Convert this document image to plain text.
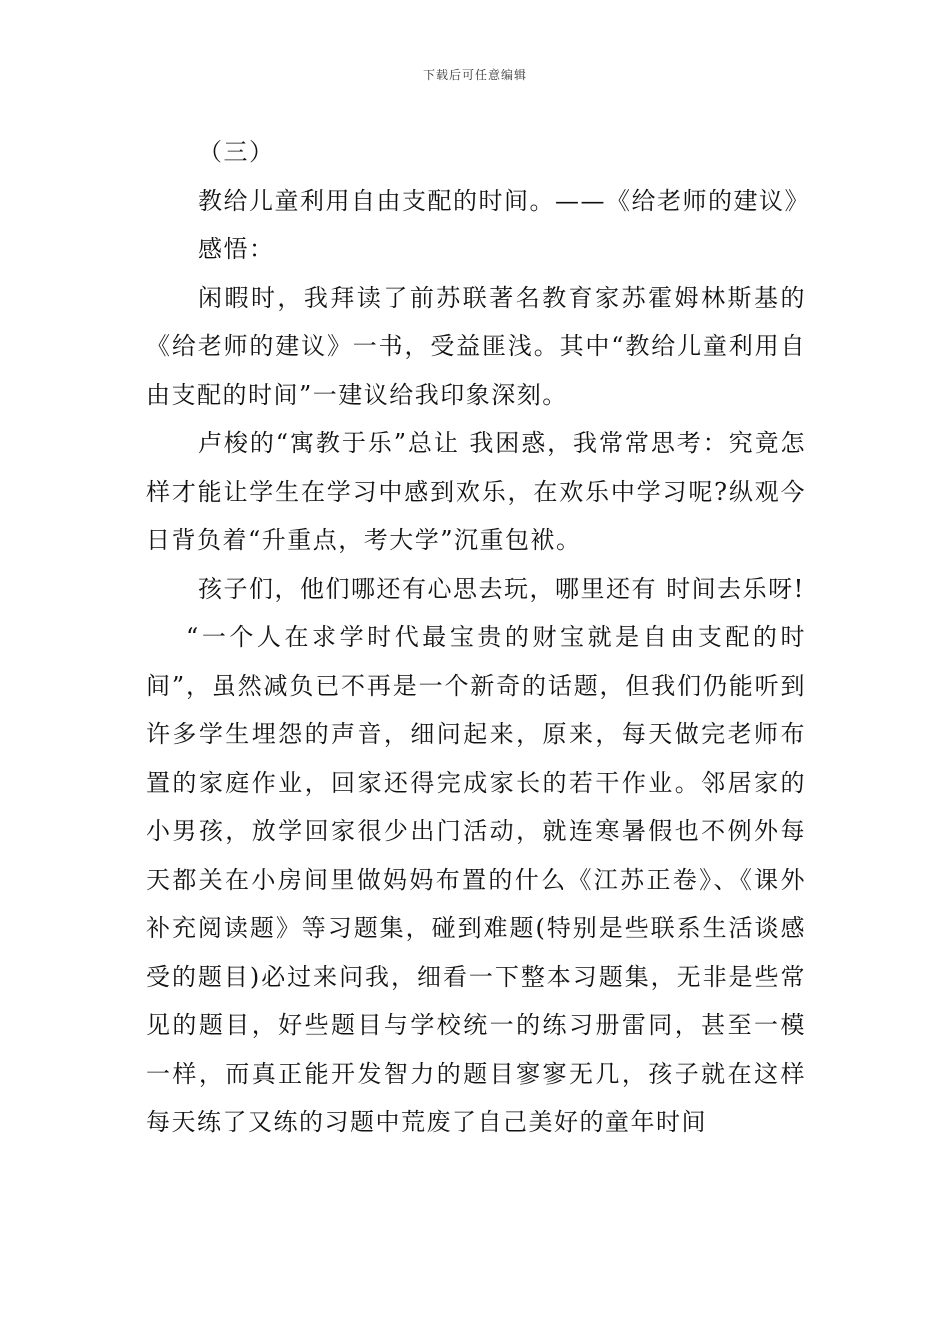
下载后可任意编辑

（三）

教给儿童利用自由支配的时间。——《给老师的建议》

感悟：

闲暇时，我拜读了前苏联著名教育家苏霍姆林斯基的《给老师的建议》一书，受益匪浅。其中“教给儿童利用自由支配的时间”一建议给我印象深刻。

卢梭的“寓教于乐”总让 我困惑，我常常思考：究竟怎样才能让学生在学习中感到欢乐，在欢乐中学习呢?纵观今日背负着“升重点，考大学”沉重包袱。

孩子们，他们哪还有心思去玩，哪里还有 时间去乐呀!

“一个人在求学时代最宝贵的财宝就是自由支配的时间”，虽然减负已不再是一个新奇的话题，但我们仍能听到许多学生埋怨的声音，细问起来，原来，每天做完老师布置的家庭作业，回家还得完成家长的若干作业。邻居家的小男孩，放学回家很少出门活动，就连寒暑假也不例外每天都关在小房间里做妈妈布置的什么《江苏正卷》、《课外补充阅读题》等习题集，碰到难题(特别是些联系生活谈感受的题目)必过来问我，细看一下整本习题集，无非是些常见的题目，好些题目与学校统一的练习册雷同，甚至一模一样，而真正能开发智力的题目寥寥无几，孩子就在这样每天练了又练的习题中荒废了自己美好的童年时间
